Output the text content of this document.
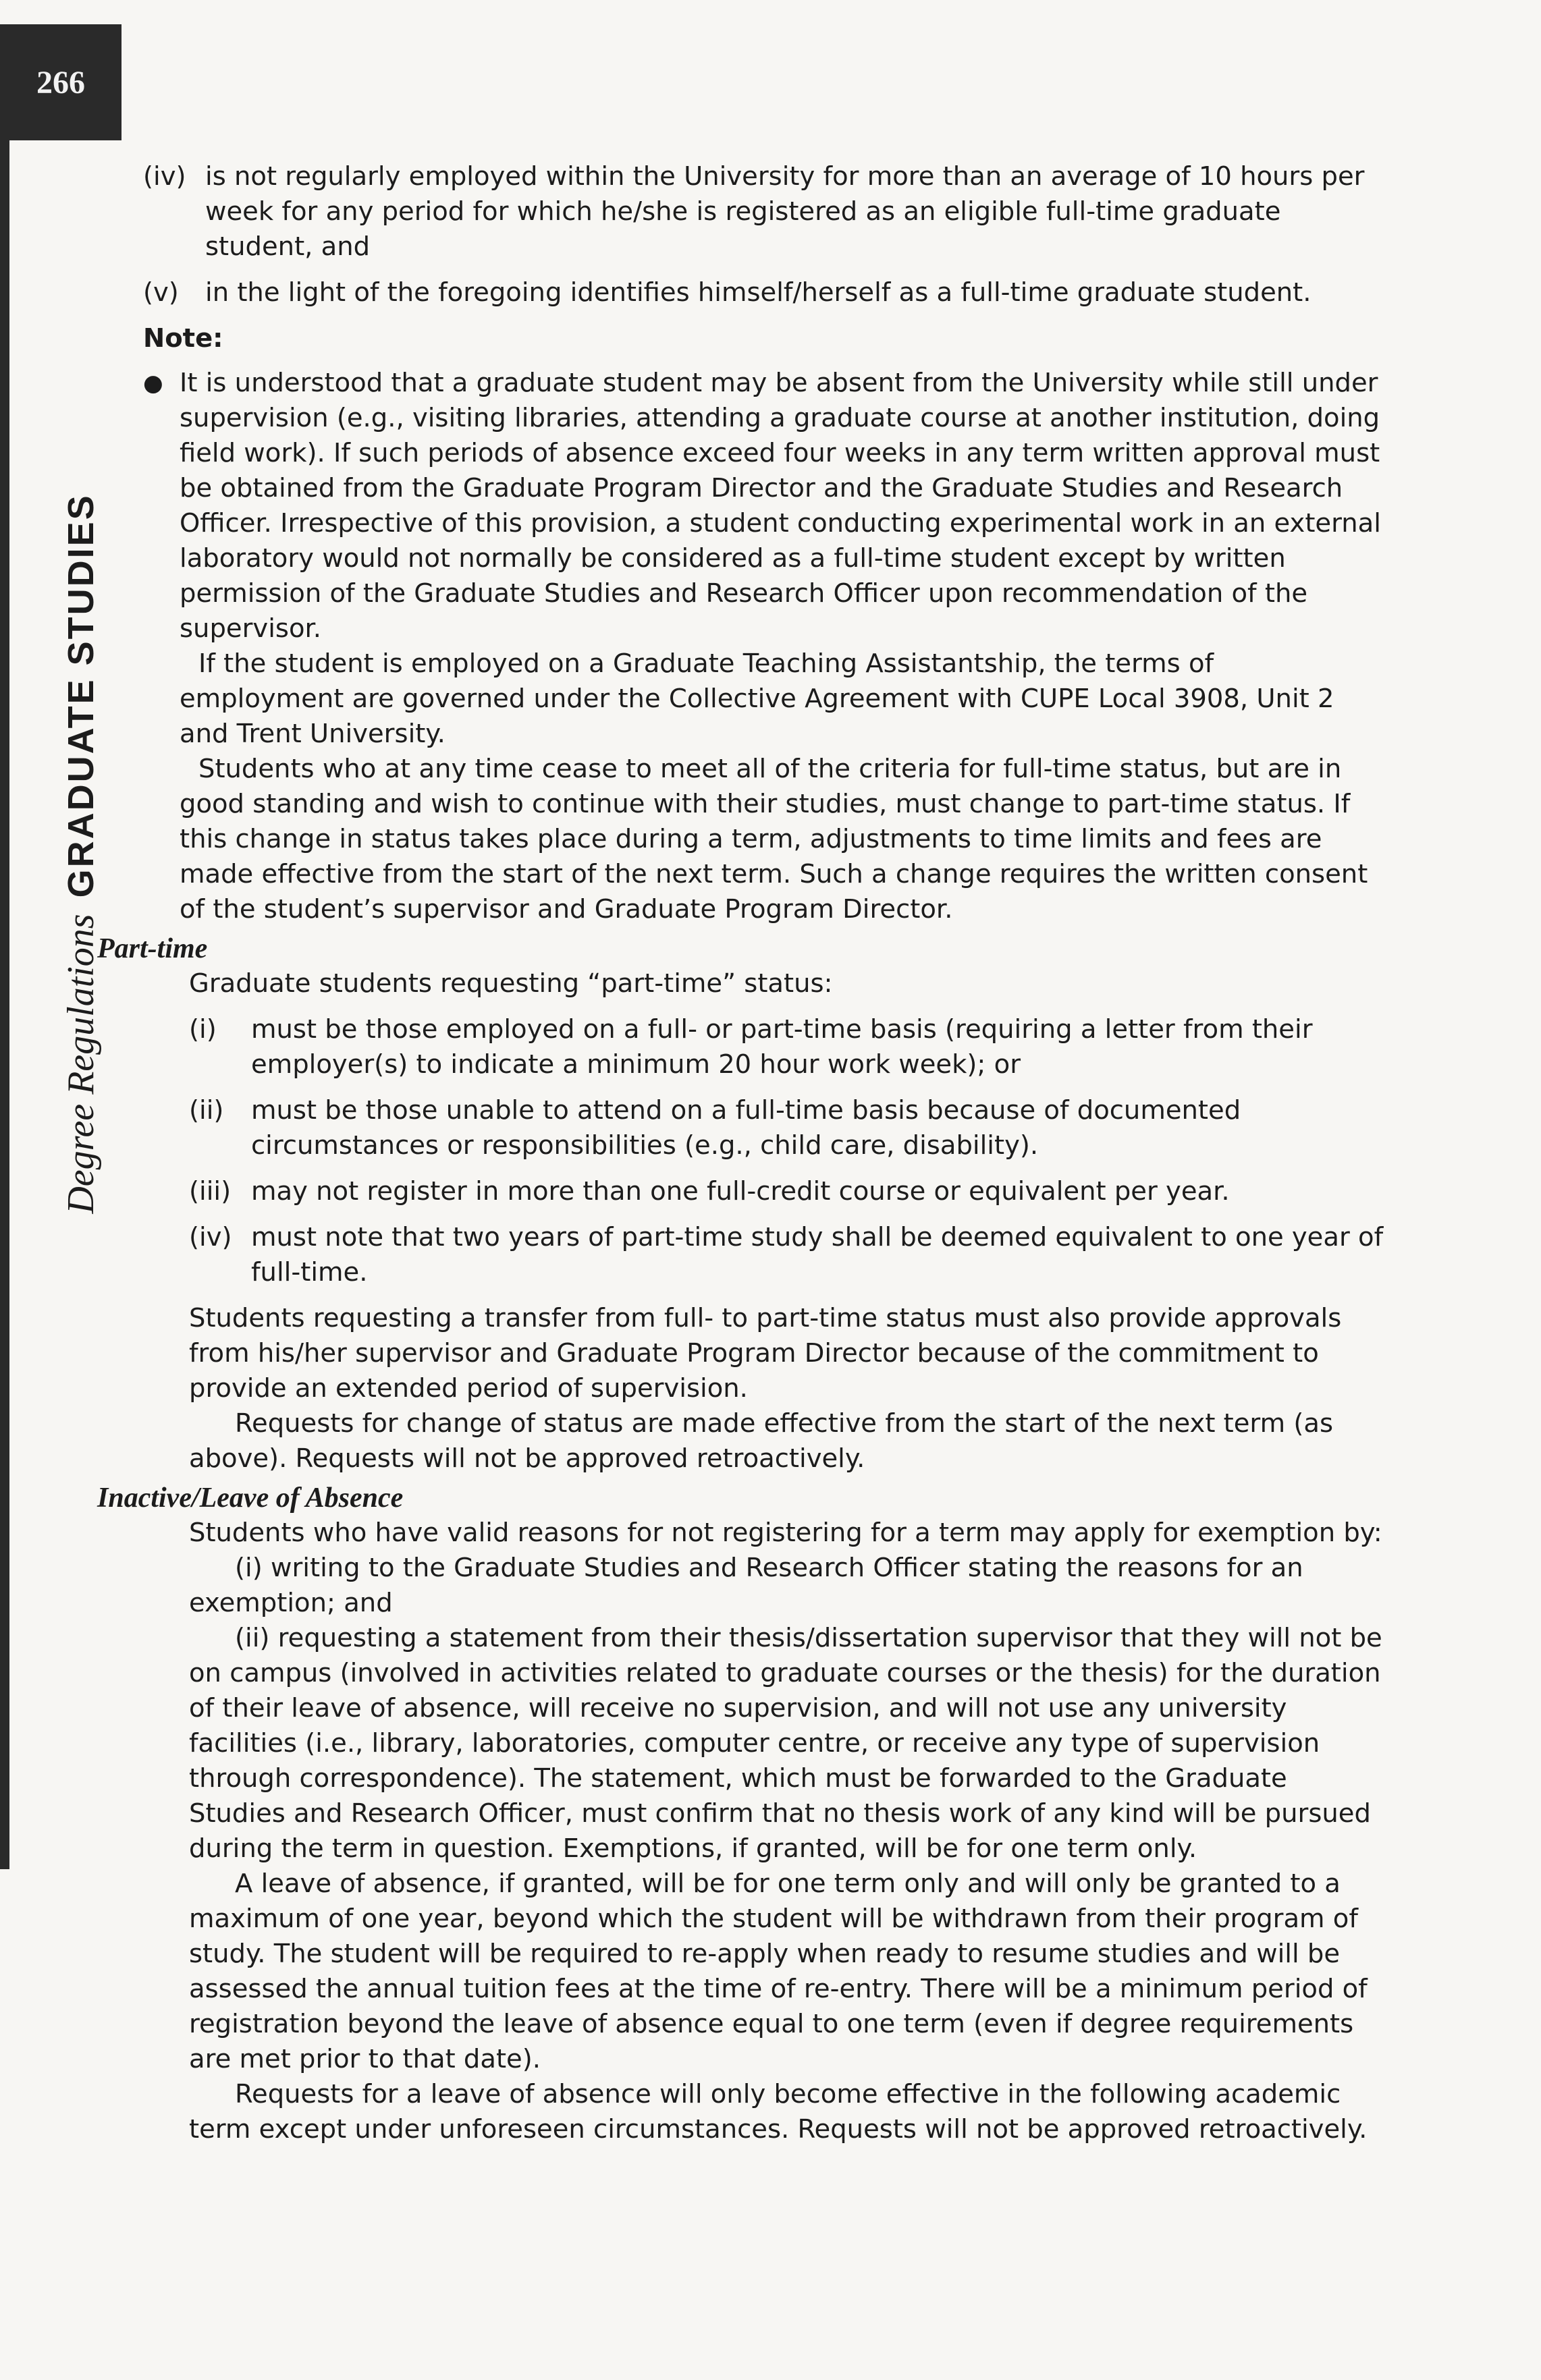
266
Degree Regulations
GRADUATE STUDIES

(iv) is not regularly employed within the University for more than an average of 10 hours per week for any period for which he/she is registered as an eligible full-time graduate student, and

(v) in the light of the foregoing identifies himself/herself as a full-time graduate student.

Note:

● It is understood that a graduate student may be absent from the University while still under supervision (e.g., visiting libraries, attending a graduate course at another institution, doing field work). If such periods of absence exceed four weeks in any term written approval must be obtained from the Graduate Program Director and the Graduate Studies and Research Officer. Irrespective of this provision, a student conducting experimental work in an external laboratory would not normally be considered as a full-time student except by written permission of the Graduate Studies and Research Officer upon recommendation of the supervisor.

If the student is employed on a Graduate Teaching Assistantship, the terms of employment are governed under the Collective Agreement with CUPE Local 3908, Unit 2 and Trent University.

Students who at any time cease to meet all of the criteria for full-time status, but are in good standing and wish to continue with their studies, must change to part-time status. If this change in status takes place during a term, adjustments to time limits and fees are made effective from the start of the next term. Such a change requires the written consent of the student’s supervisor and Graduate Program Director.

Part-time

Graduate students requesting “part-time” status:

(i) must be those employed on a full- or part-time basis (requiring a letter from their employer(s) to indicate a minimum 20 hour work week); or

(ii) must be those unable to attend on a full-time basis because of documented circumstances or responsibilities (e.g., child care, disability).

(iii) may not register in more than one full-credit course or equivalent per year.

(iv) must note that two years of part-time study shall be deemed equivalent to one year of full-time.

Students requesting a transfer from full- to part-time status must also provide approvals from his/her supervisor and Graduate Program Director because of the commitment to provide an extended period of supervision.

Requests for change of status are made effective from the start of the next term (as above). Requests will not be approved retroactively.

Inactive/Leave of Absence

Students who have valid reasons for not registering for a term may apply for exemption by:

(i) writing to the Graduate Studies and Research Officer stating the reasons for an exemption; and

(ii) requesting a statement from their thesis/dissertation supervisor that they will not be on campus (involved in activities related to graduate courses or the thesis) for the duration of their leave of absence, will receive no supervision, and will not use any university facilities (i.e., library, laboratories, computer centre, or receive any type of supervision through correspondence). The statement, which must be forwarded to the Graduate Studies and Research Officer, must confirm that no thesis work of any kind will be pursued during the term in question. Exemptions, if granted, will be for one term only.

A leave of absence, if granted, will be for one term only and will only be granted to a maximum of one year, beyond which the student will be withdrawn from their program of study. The student will be required to re-apply when ready to resume studies and will be assessed the annual tuition fees at the time of re-entry. There will be a minimum period of registration beyond the leave of absence equal to one term (even if degree requirements are met prior to that date).

Requests for a leave of absence will only become effective in the following academic term except under unforeseen circumstances. Requests will not be approved retroactively.
